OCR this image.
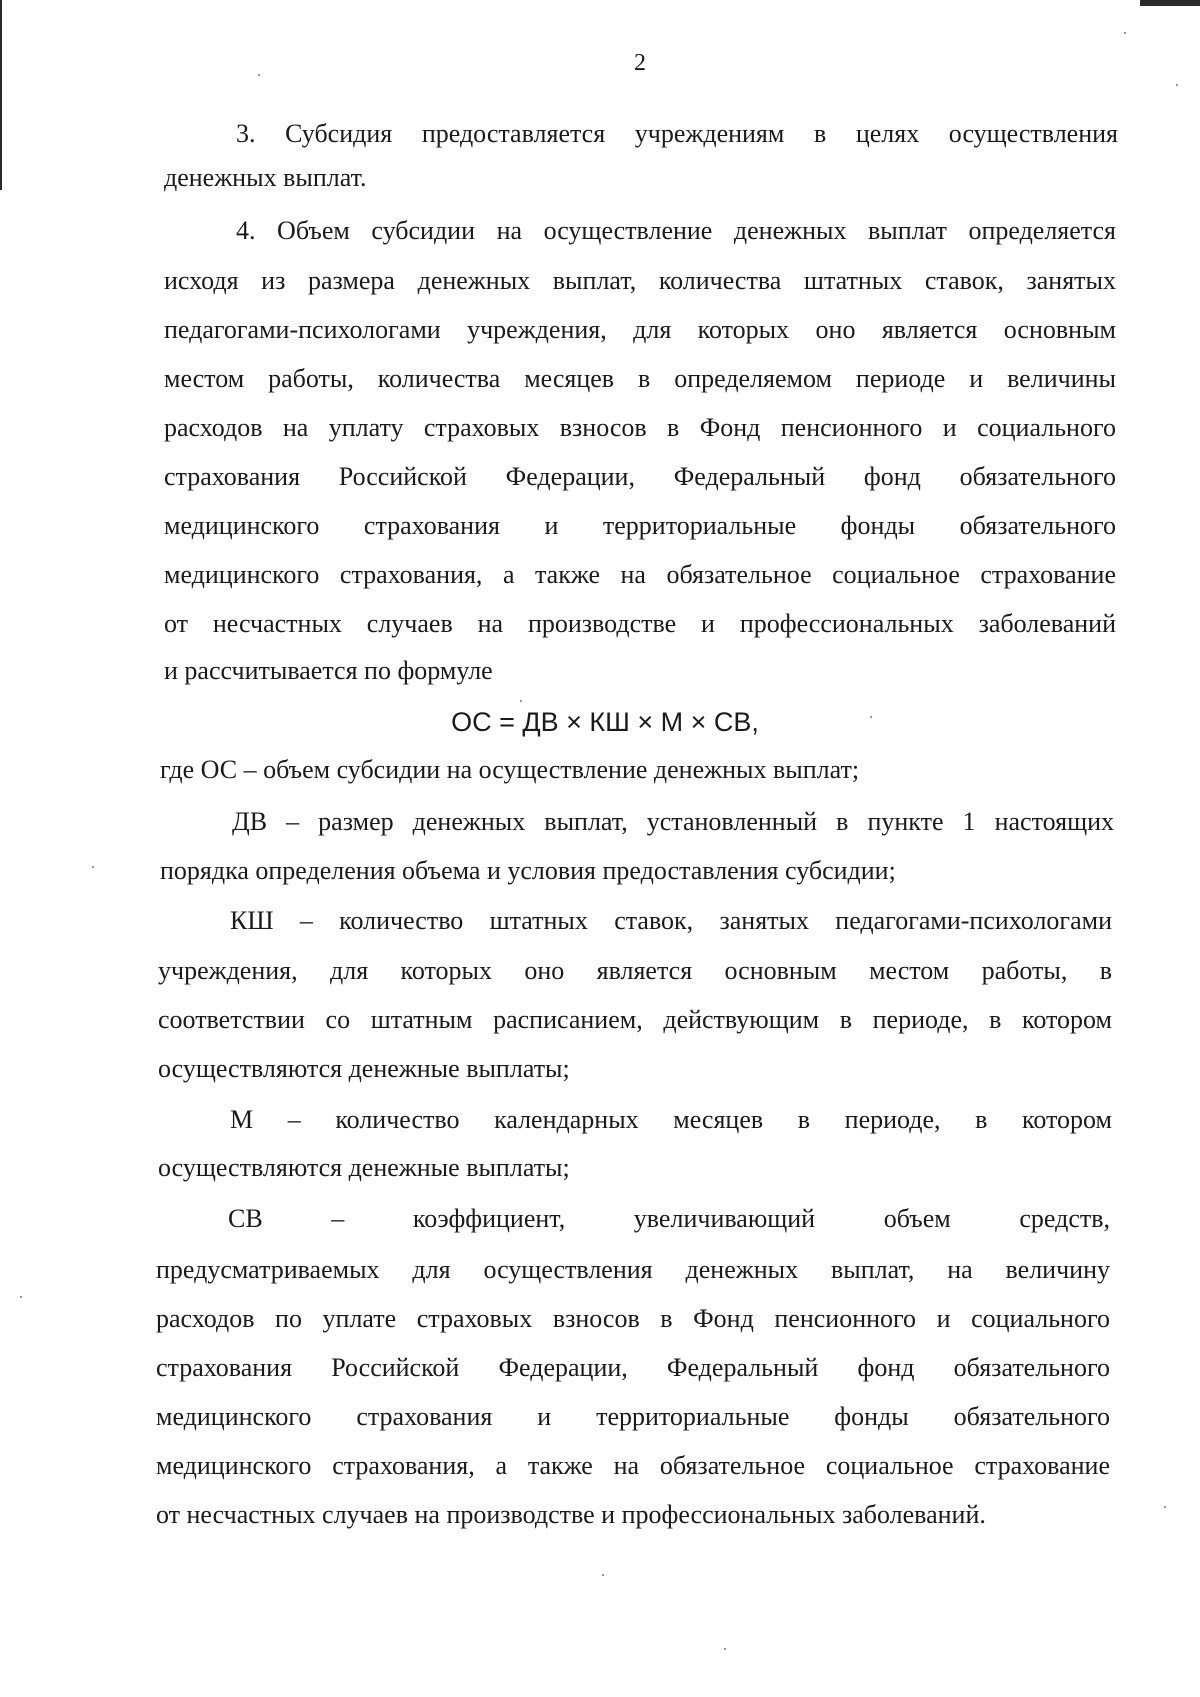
2
3. Субсидия предоставляется учреждениям в целях осуществления
денежных выплат.
4. Объем субсидии на осуществление денежных выплат определяется
исходя из размера денежных выплат, количества штатных ставок, занятых
педагогами-психологами учреждения, для которых оно является основным
местом работы, количества месяцев в определяемом периоде и величины
расходов на уплату страховых взносов в Фонд пенсионного и социального
страхования Российской Федерации, Федеральный фонд обязательного
медицинского страхования и территориальные фонды обязательного
медицинского страхования, а также на обязательное социальное страхование
от несчастных случаев на производстве и профессиональных заболеваний
и рассчитывается по формуле
ОС = ДВ × КШ × М × СВ,
где ОС – объем субсидии на осуществление денежных выплат;
ДВ – размер денежных выплат, установленный в пункте 1 настоящих
порядка определения объема и условия предоставления субсидии;
КШ – количество штатных ставок, занятых педагогами-психологами
учреждения, для которых оно является основным местом работы, в
соответствии со штатным расписанием, действующим в периоде, в котором
осуществляются денежные выплаты;
М – количество календарных месяцев в периоде, в котором
осуществляются денежные выплаты;
СВ – коэффициент, увеличивающий объем средств,
предусматриваемых для осуществления денежных выплат, на величину
расходов по уплате страховых взносов в Фонд пенсионного и социального
страхования Российской Федерации, Федеральный фонд обязательного
медицинского страхования и территориальные фонды обязательного
медицинского страхования, а также на обязательное социальное страхование
от несчастных случаев на производстве и профессиональных заболеваний.
